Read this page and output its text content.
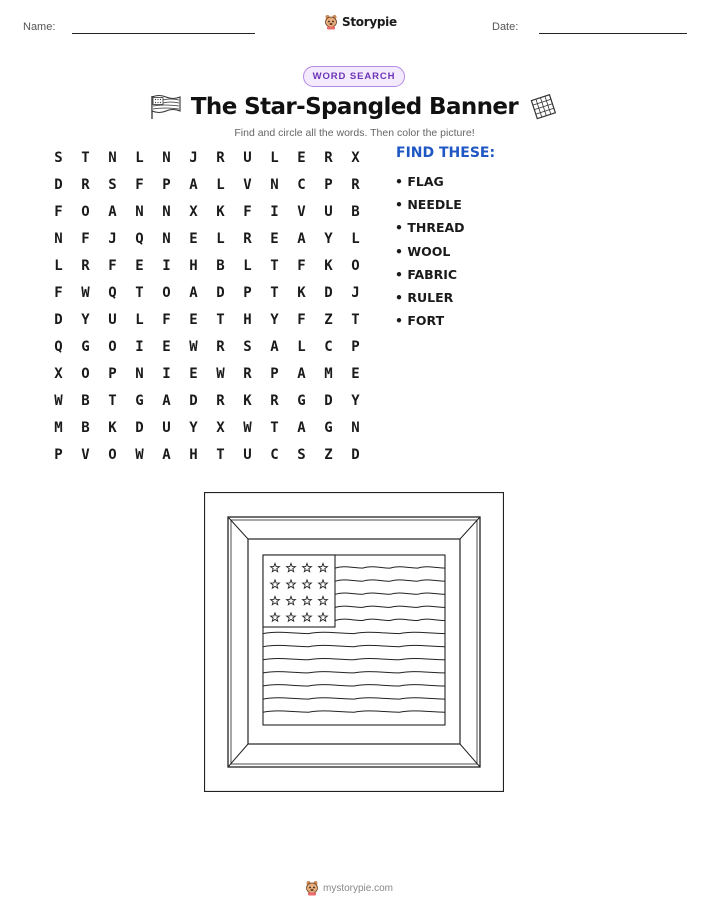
Name:	Storypie	Date:
WORD SEARCH
The Star-Spangled Banner
Find and circle all the words. Then color the picture!
S	T	N	L	N	J	R	U	L	E	R	X
D	R	S	F	P	A	L	V	N	C	P	R
F	O	A	N	N	X	K	F	I	V	U	B
N	F	J	Q	N	E	L	R	E	A	Y	L
L	R	F	E	I	H	B	L	T	F	K	O
F	W	Q	T	O	A	D	P	T	K	D	J
D	Y	U	L	F	E	T	H	Y	F	Z	T
Q	G	O	I	E	W	R	S	A	L	C	P
X	O	P	N	I	E	W	R	P	A	M	E
W	B	T	G	A	D	R	K	R	G	D	Y
M	B	K	D	U	Y	X	W	T	A	G	N
P	V	O	W	A	H	T	U	C	S	Z	D
FIND THESE:
• FLAG
• NEEDLE
• THREAD
• WOOL
• FABRIC
• RULER
• FORT
mystorypie.com
